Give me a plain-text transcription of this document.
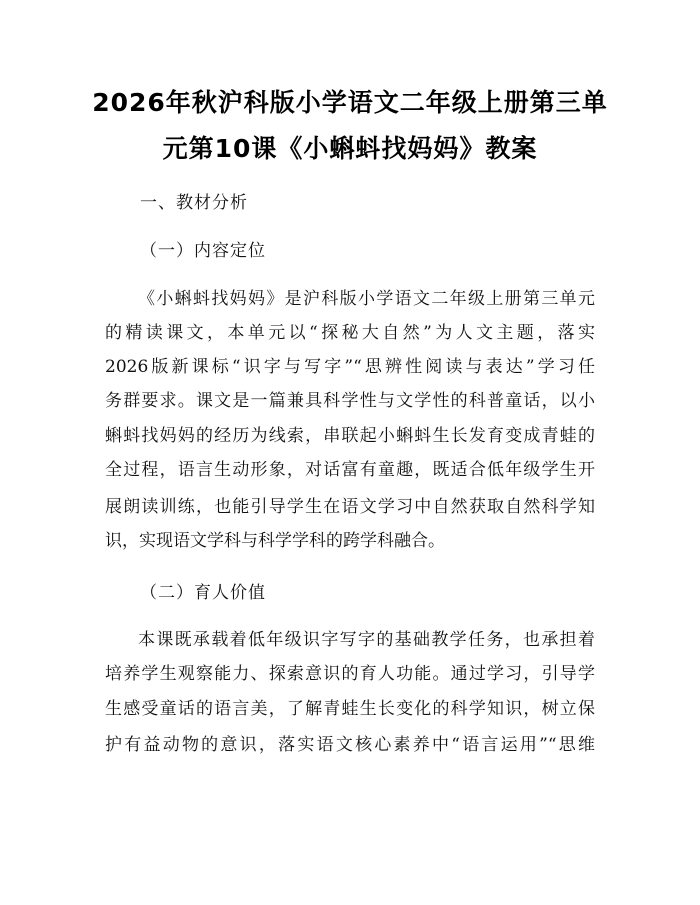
2026年秋沪科版小学语文二年级上册第三单
元第10课《小蝌蚪找妈妈》教案

一、教材分析

（一）内容定位

《小蝌蚪找妈妈》是沪科版小学语文二年级上册第三单元

的精读课文，本单元以“探秘大自然”为人文主题，落实

2026版新课标“识字与写字”“思辨性阅读与表达”学习任

务群要求。课文是一篇兼具科学性与文学性的科普童话，以小

蝌蚪找妈妈的经历为线索，串联起小蝌蚪生长发育变成青蛙的

全过程，语言生动形象，对话富有童趣，既适合低年级学生开

展朗读训练，也能引导学生在语文学习中自然获取自然科学知

识，实现语文学科与科学学科的跨学科融合。

（二）育人价值

本课既承载着低年级识字写字的基础教学任务，也承担着

培养学生观察能力、探索意识的育人功能。通过学习，引导学

生感受童话的语言美，了解青蛙生长变化的科学知识，树立保

护有益动物的意识，落实语文核心素养中“语言运用”“思维
